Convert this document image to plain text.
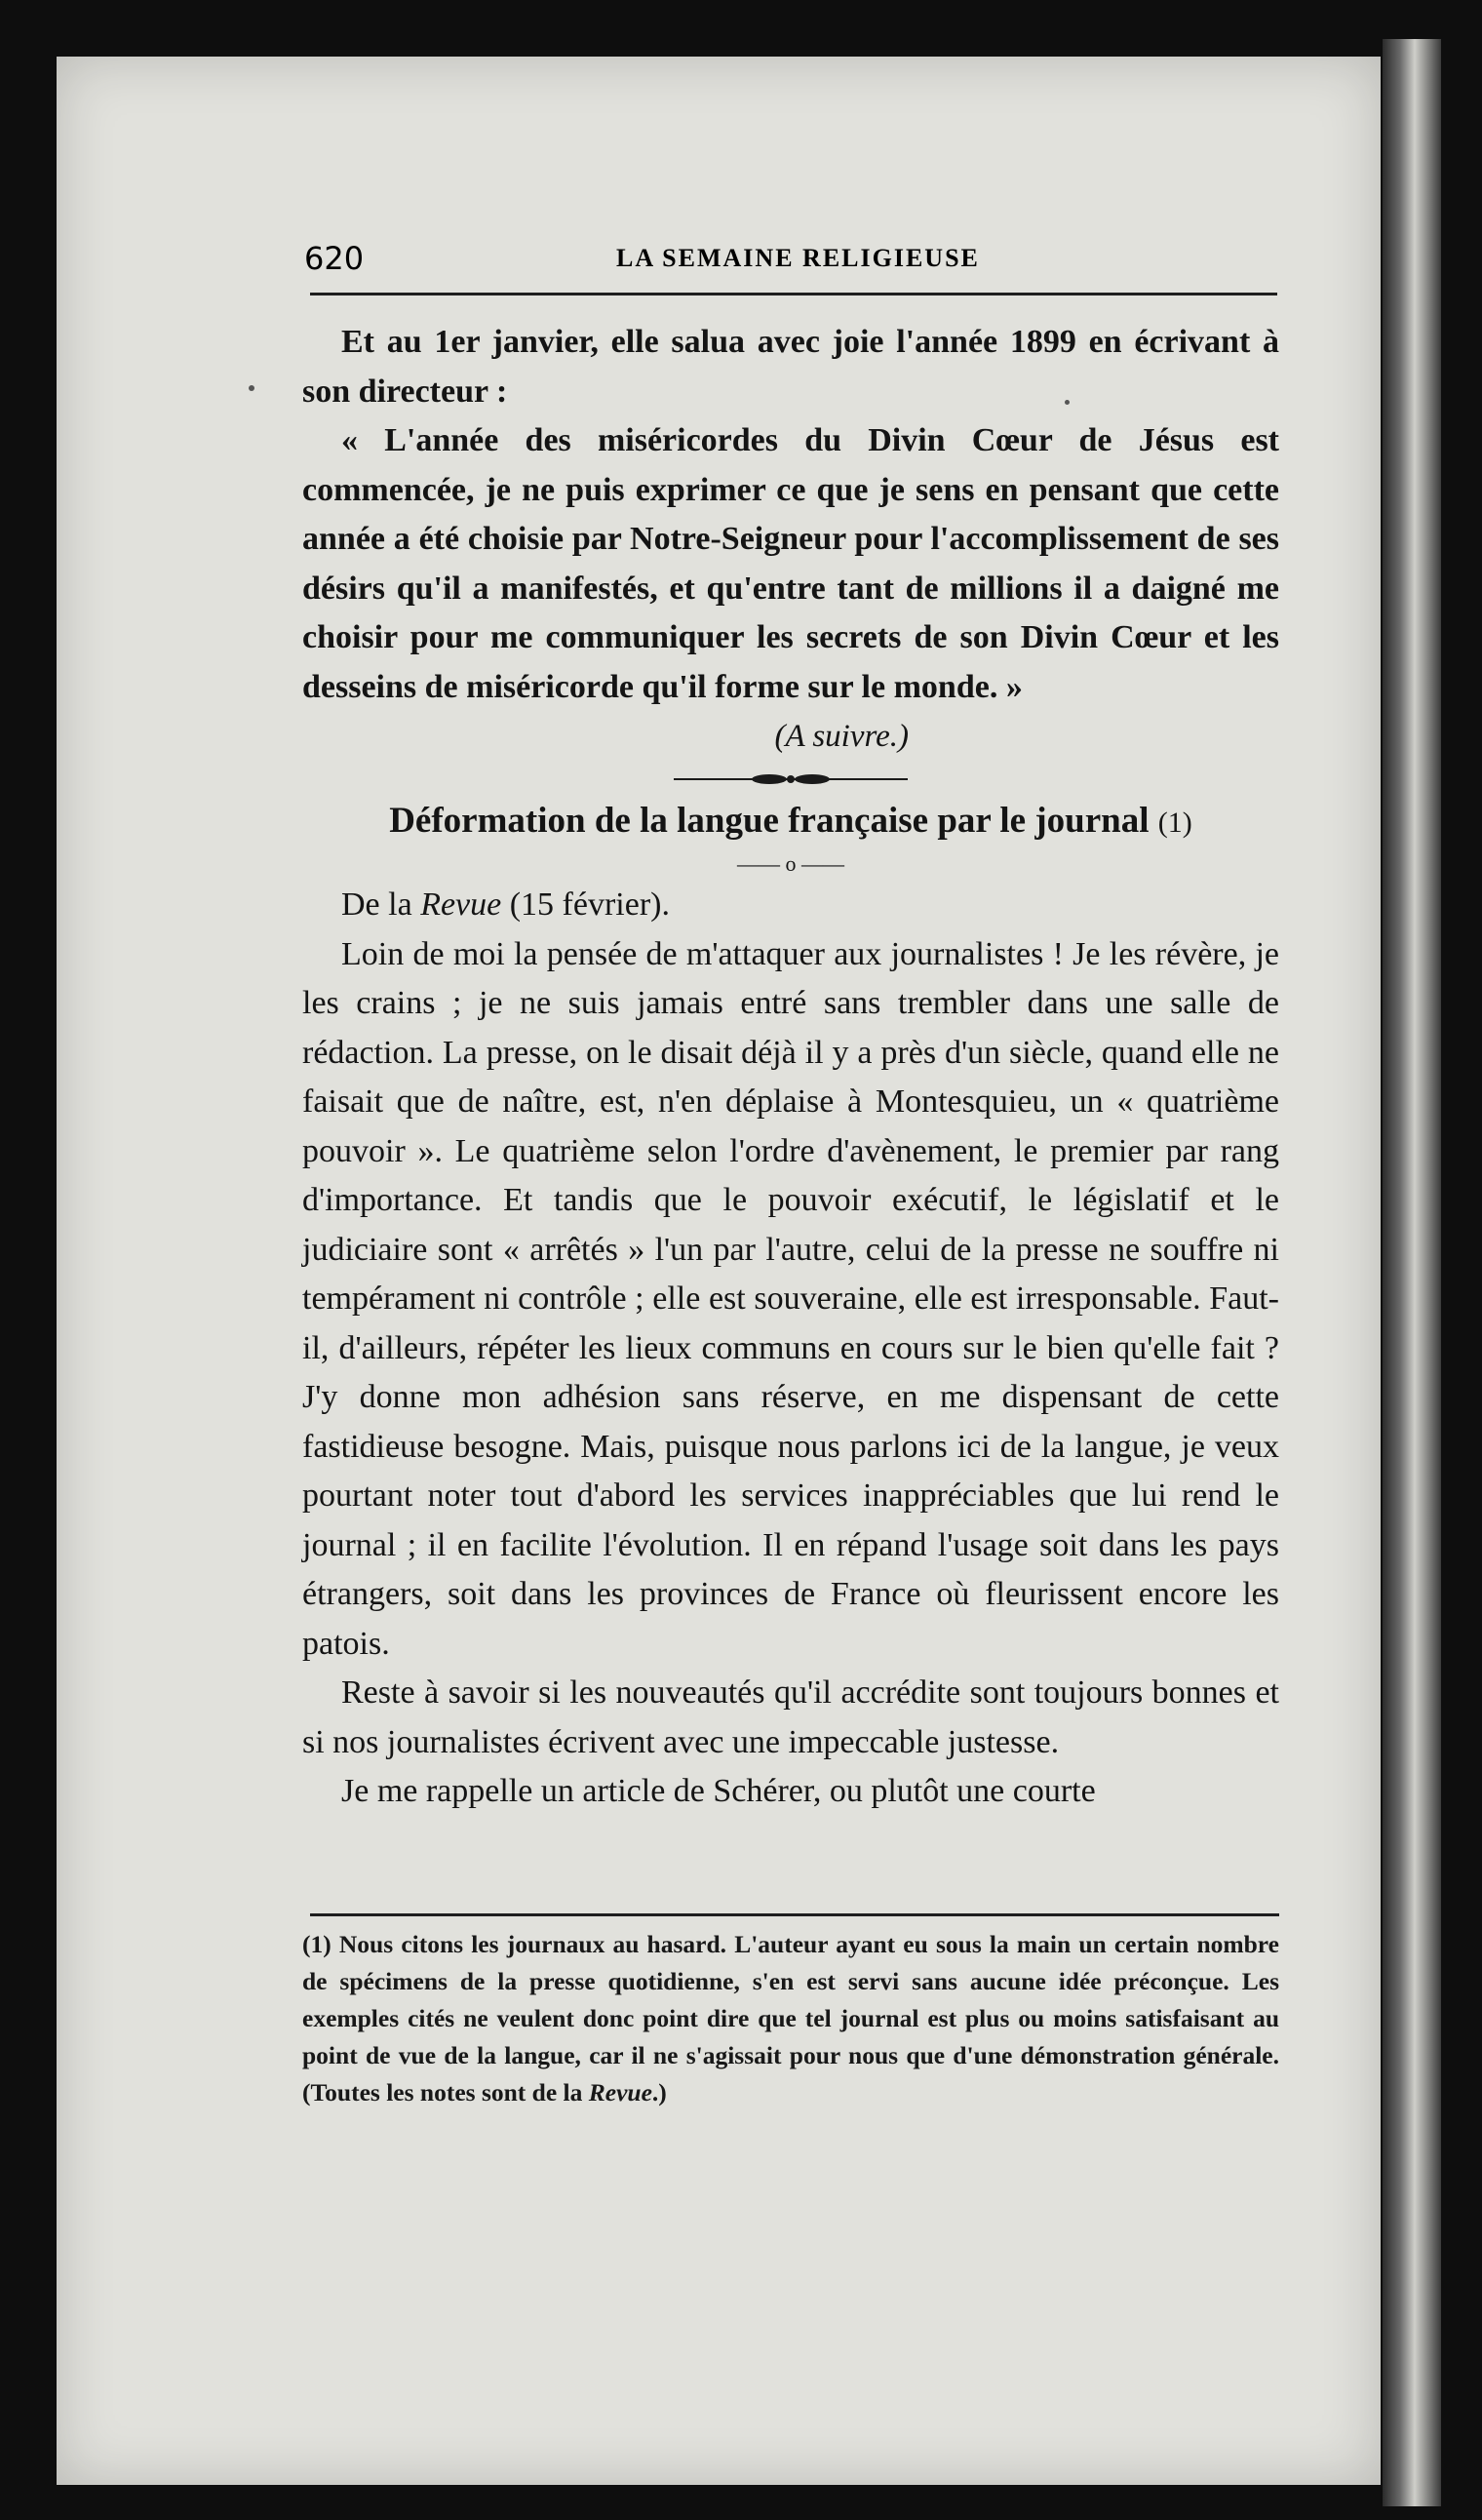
620	LA SEMAINE RELIGIEUSE

Et au 1er janvier, elle salua avec joie l'année 1899 en écrivant à son directeur :

« L'année des miséricordes du Divin Cœur de Jésus est commencée, je ne puis exprimer ce que je sens en pensant que cette année a été choisie par Notre-Seigneur pour l'accomplissement de ses désirs qu'il a manifestés, et qu'entre tant de millions il a daigné me choisir pour me communiquer les secrets de son Divin Cœur et les desseins de miséricorde qu'il forme sur le monde. »

(A suivre.)

Déformation de la langue française par le journal (1)

—— o ——

De la Revue (15 février).

Loin de moi la pensée de m'attaquer aux journalistes ! Je les révère, je les crains ; je ne suis jamais entré sans trembler dans une salle de rédaction. La presse, on le disait déjà il y a près d'un siècle, quand elle ne faisait que de naître, est, n'en déplaise à Montesquieu, un « quatrième pouvoir ». Le quatrième selon l'ordre d'avènement, le premier par rang d'importance. Et tandis que le pouvoir exécutif, le législatif et le judiciaire sont « arrêtés » l'un par l'autre, celui de la presse ne souffre ni tempérament ni contrôle ; elle est souveraine, elle est irresponsable. Faut-il, d'ailleurs, répéter les lieux communs en cours sur le bien qu'elle fait ? J'y donne mon adhésion sans réserve, en me dispensant de cette fastidieuse besogne. Mais, puisque nous parlons ici de la langue, je veux pourtant noter tout d'abord les services inappréciables que lui rend le journal ; il en facilite l'évolution. Il en répand l'usage soit dans les pays étrangers, soit dans les provinces de France où fleurissent encore les patois.

Reste à savoir si les nouveautés qu'il accrédite sont toujours bonnes et si nos journalistes écrivent avec une impeccable justesse.

Je me rappelle un article de Schérer, ou plutôt une courte

(1) Nous citons les journaux au hasard. L'auteur ayant eu sous la main un certain nombre de spécimens de la presse quotidienne, s'en est servi sans aucune idée préconçue. Les exemples cités ne veulent donc point dire que tel journal est plus ou moins satisfaisant au point de vue de la langue, car il ne s'agissait pour nous que d'une démonstration générale. (Toutes les notes sont de la Revue.)
